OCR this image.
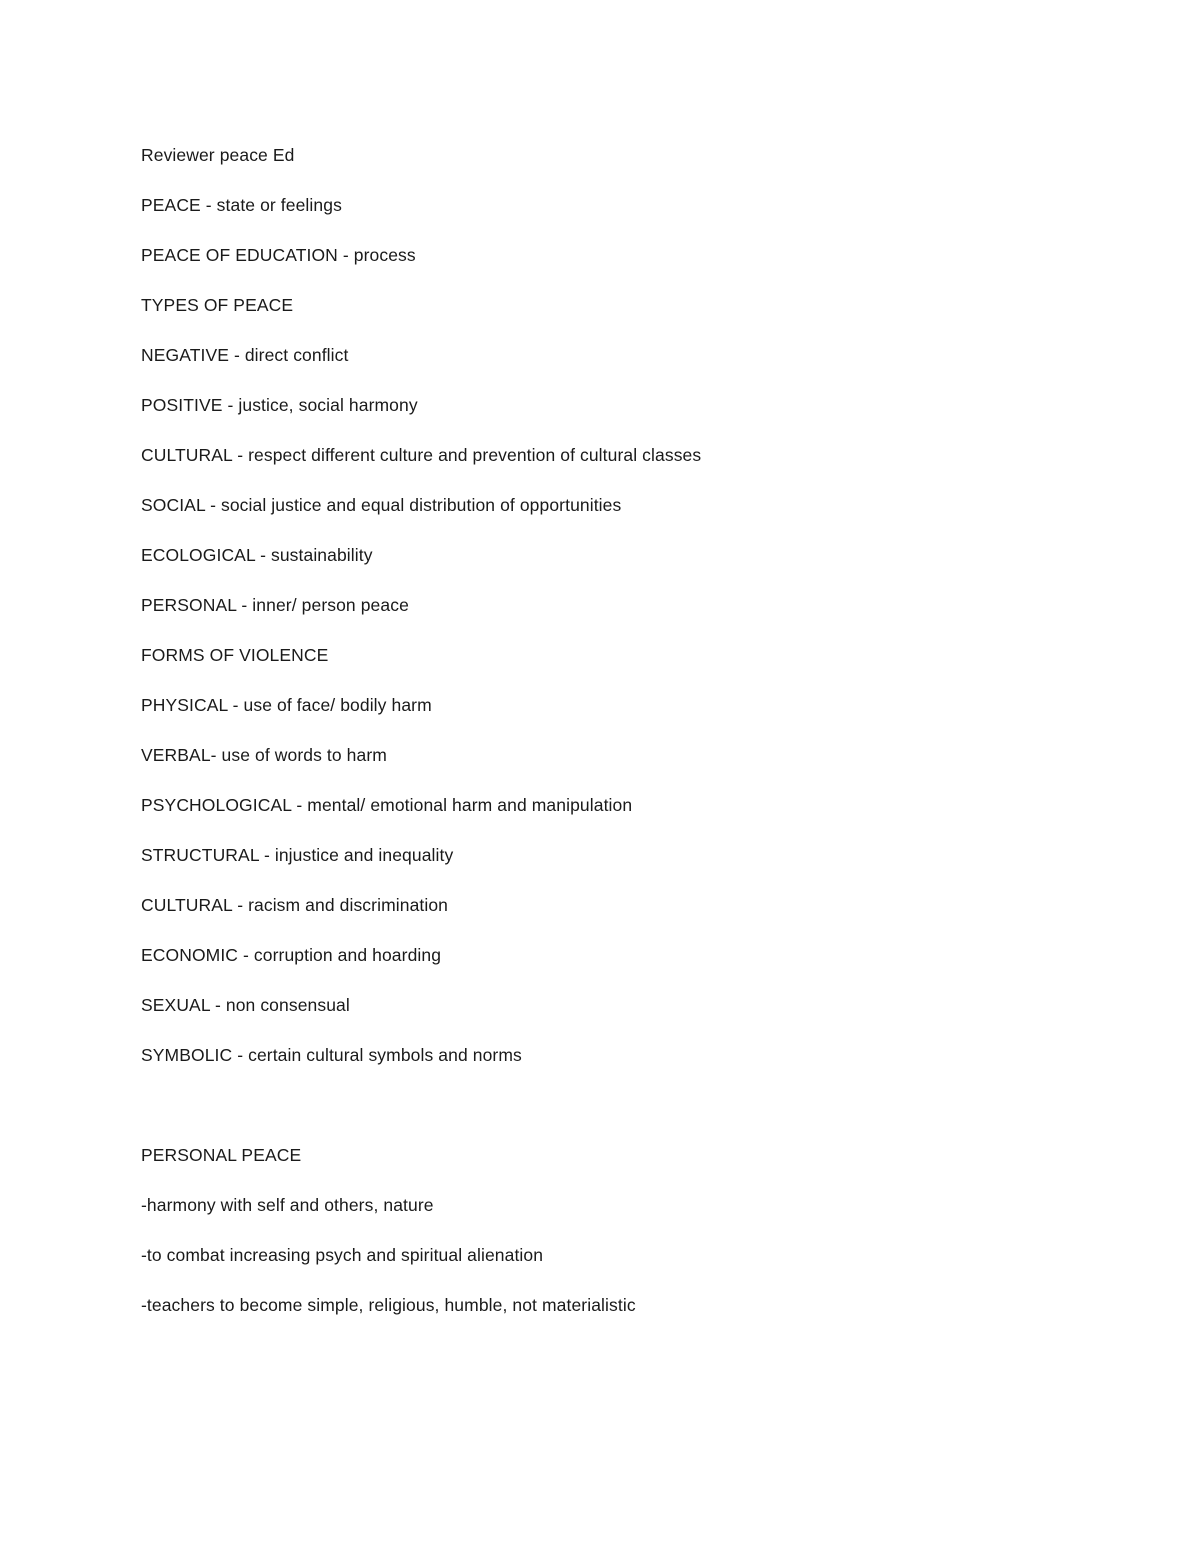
Reviewer peace Ed
PEACE - state or feelings
PEACE OF EDUCATION - process
TYPES OF PEACE
NEGATIVE - direct conflict
POSITIVE - justice, social harmony
CULTURAL - respect different culture and prevention of cultural classes
SOCIAL - social justice and equal distribution of opportunities
ECOLOGICAL - sustainability
PERSONAL - inner/ person peace
FORMS OF VIOLENCE
PHYSICAL - use of face/ bodily harm
VERBAL- use of words to harm
PSYCHOLOGICAL - mental/ emotional harm and manipulation
STRUCTURAL - injustice and inequality
CULTURAL - racism and discrimination
ECONOMIC - corruption and hoarding
SEXUAL - non consensual
SYMBOLIC - certain cultural symbols and norms
PERSONAL PEACE
-harmony with self and others, nature
-to combat increasing psych and spiritual alienation
-teachers to become simple, religious, humble, not materialistic
